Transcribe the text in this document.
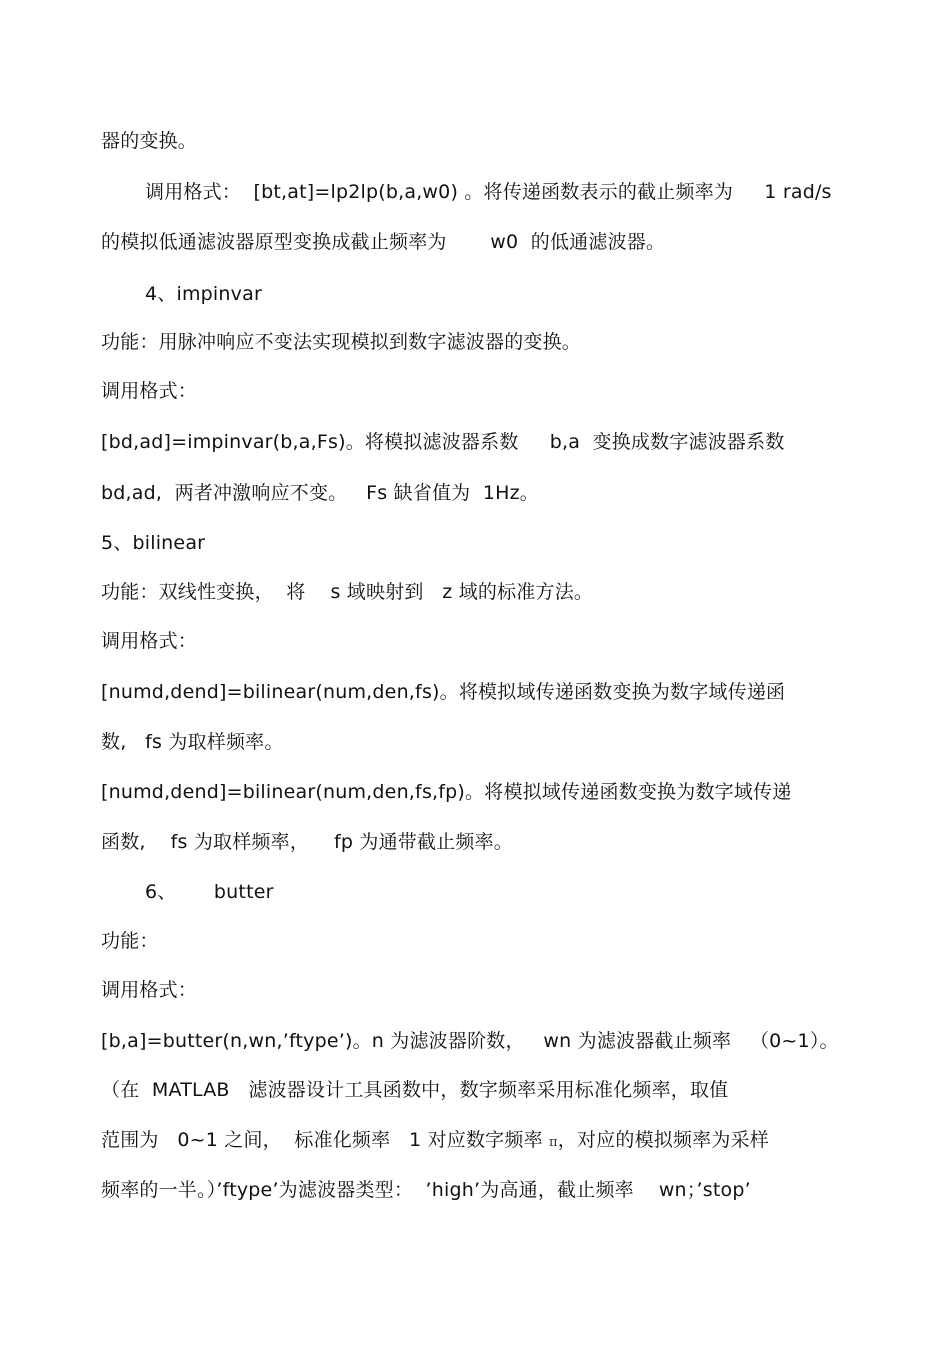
器的变换。
调用格式：  [bt,at]=lp2lp(b,a,w0) 。将传递函数表示的截止频率为     1 rad/s
的模拟低通滤波器原型变换成截止频率为       w0  的低通滤波器。
4、impinvar
功能：用脉冲响应不变法实现模拟到数字滤波器的变换。
调用格式：
[bd,ad]=impinvar(b,a,Fs)。将模拟滤波器系数     b,a  变换成数字滤波器系数
bd,ad,  两者冲激响应不变。   Fs 缺省值为  1Hz。
5、bilinear
功能：双线性变换，  将    s 域映射到   z 域的标准方法。
调用格式：
[numd,dend]=bilinear(num,den,fs)。将模拟域传递函数变换为数字域传递函
数,   fs 为取样频率。
[numd,dend]=bilinear(num,den,fs,fp)。将模拟域传递函数变换为数字域传递
函数,    fs 为取样频率，    fp 为通带截止频率。
6、      butter
功能：
调用格式：
[b,a]=butter(n,wn,’ftype’)。n 为滤波器阶数，   wn 为滤波器截止频率   （0~1）。
（在  MATLAB   滤波器设计工具函数中，数字频率采用标准化频率，取值
范围为   0~1 之间，  标准化频率   1 对应数字频率 π，对应的模拟频率为采样
频率的一半。）’ftype’为滤波器类型：  ’high’为高通，截止频率    wn；’stop’
